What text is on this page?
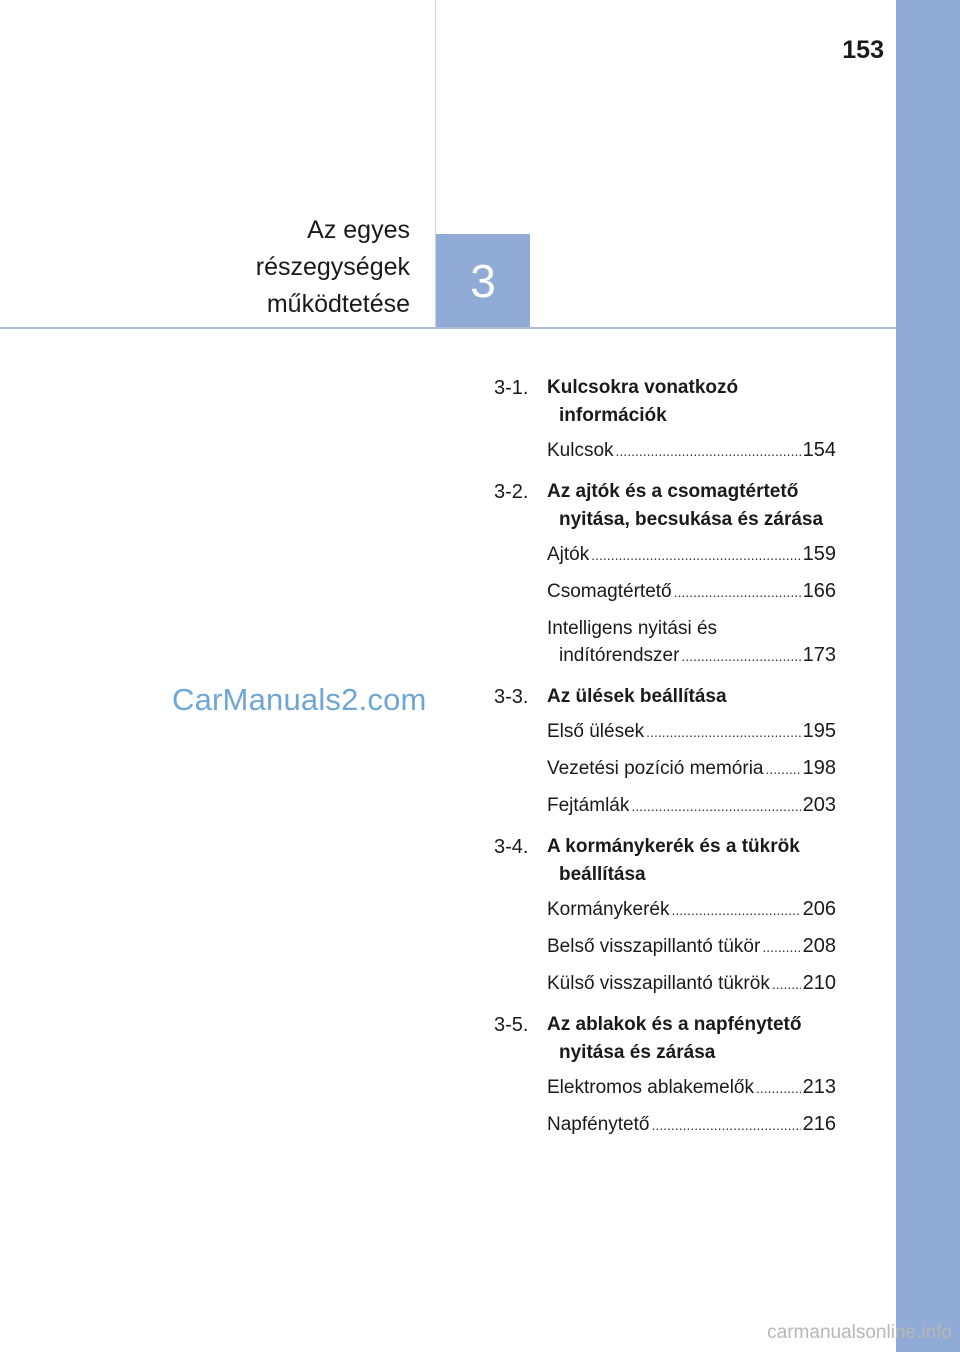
153
Az egyes
részegységek
működtetése 3
CarManuals2.com
3-1. Kulcsokra vonatkozó információk
Kulcsok .....	154
3-2. Az ajtók és a csomagtértető nyitása, becsukása és zárása
Ajtók .....	159
Csomagtértető .....	166
Intelligens nyitási és
indítórendszer .....	173
3-3. Az ülések beállítása
Első ülések .....	195
Vezetési pozíció memória ..... 198
Fejtámlák .....	203
3-4. A kormánykerék és a tükrök beállítása
Kormánykerék .....	206
Belső visszapillantó tükör ..... 208
Külső visszapillantó tükrök ..... 210
3-5. Az ablakok és a napfénytető nyitása és zárása
Elektromos ablakemelők ..... 213
Napfénytető .....	216
carmanualsonline.info
